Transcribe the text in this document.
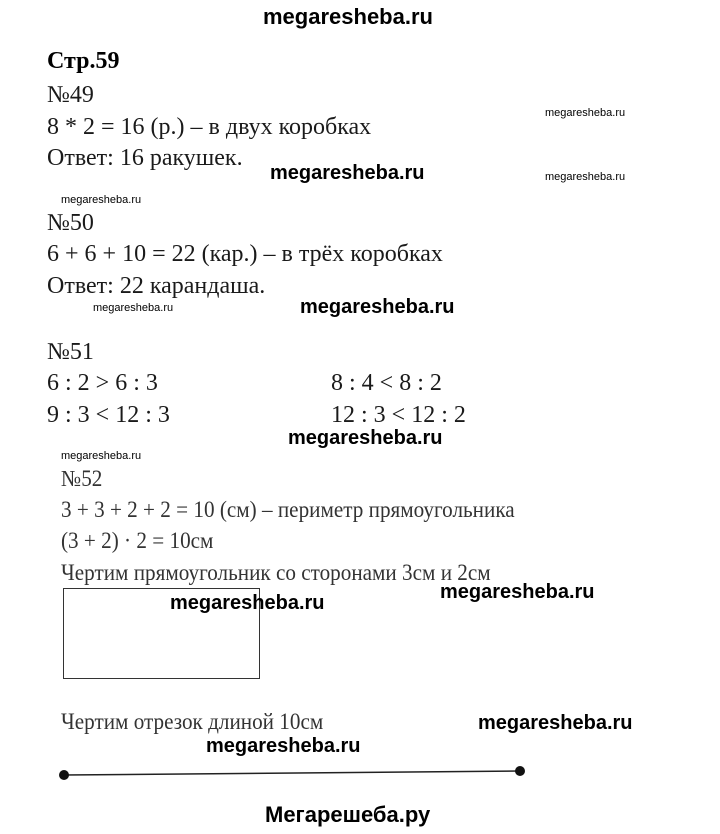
megaresheba.ru
Стр.59
№49
8 * 2 = 16 (р.) – в двух коробках
Ответ: 16 ракушек.
№50
6 + 6 + 10 = 22 (кар.) – в трёх коробках
Ответ: 22 карандаша.
№51
6 : 2 > 6 : 3
9 : 3 < 12 : 3
8 : 4 < 8 : 2
12 : 3 < 12 : 2
№52
3 + 3 + 2 + 2 = 10 (см) – периметр прямоугольника
(3 + 2) · 2 = 10см
Чертим прямоугольник со сторонами 3см и 2см
Чертим отрезок длиной 10см
megaresheba.ru
megaresheba.ru
megaresheba.ru
megaresheba.ru	megaresheba.ru
megaresheba.ru
megaresheba.ru
megaresheba.ru
megaresheba.ru
megaresheba.ru
megaresheba.ru
megaresheba.ru
Мегарешеба.ру
